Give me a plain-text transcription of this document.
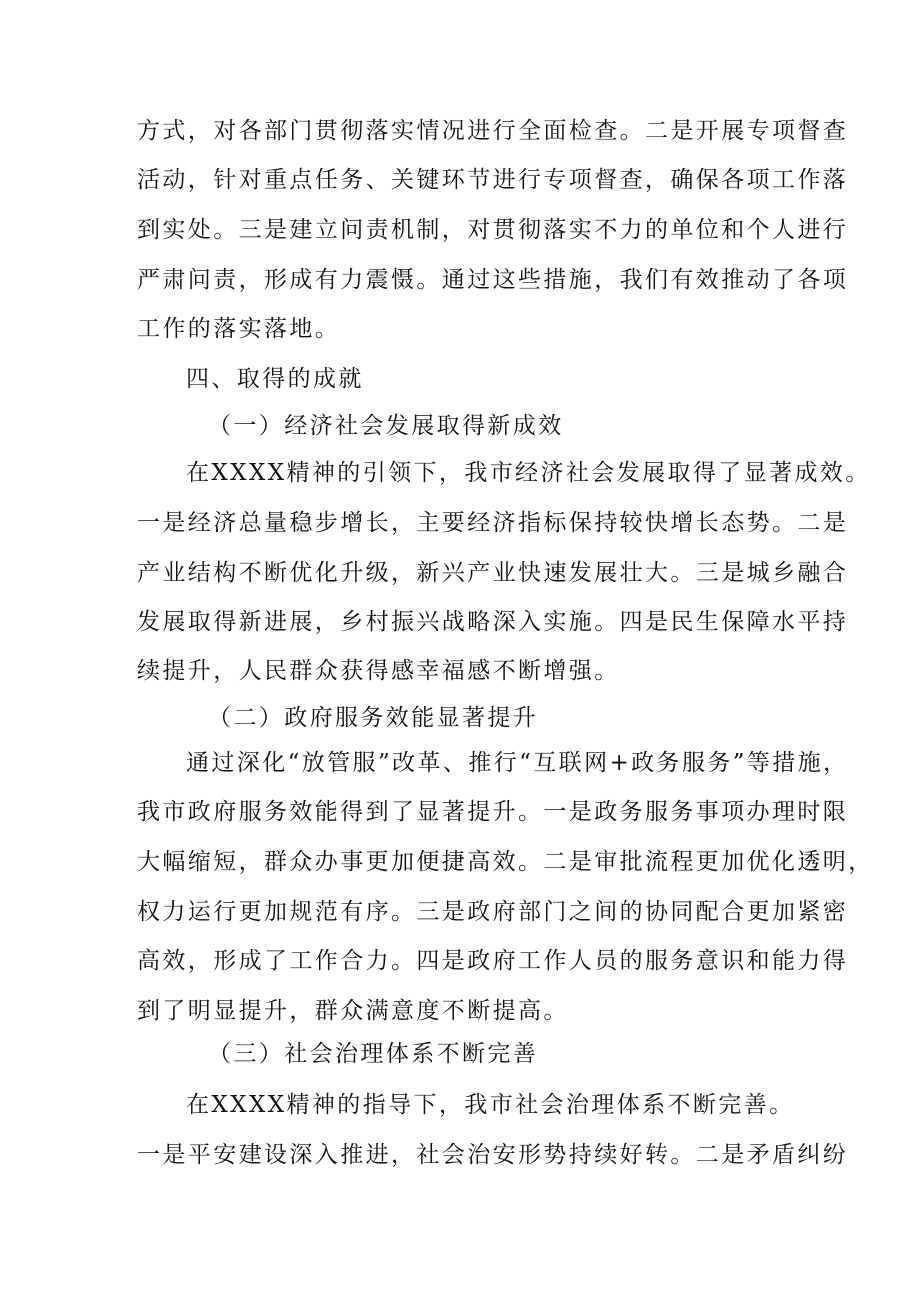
方式，对各部门贯彻落实情况进行全面检查。二是开展专项督查
活动，针对重点任务、关键环节进行专项督查，确保各项工作落
到实处。三是建立问责机制，对贯彻落实不力的单位和个人进行
严肃问责，形成有力震慑。通过这些措施，我们有效推动了各项
工作的落实落地。
四、取得的成就
（一）经济社会发展取得新成效
在XXXX精神的引领下，我市经济社会发展取得了显著成效。
一是经济总量稳步增长，主要经济指标保持较快增长态势。二是
产业结构不断优化升级，新兴产业快速发展壮大。三是城乡融合
发展取得新进展，乡村振兴战略深入实施。四是民生保障水平持
续提升，人民群众获得感幸福感不断增强。
（二）政府服务效能显著提升
通过深化“放管服”改革、推行“互联网+政务服务”等措施，
我市政府服务效能得到了显著提升。一是政务服务事项办理时限
大幅缩短，群众办事更加便捷高效。二是审批流程更加优化透明，
权力运行更加规范有序。三是政府部门之间的协同配合更加紧密
高效，形成了工作合力。四是政府工作人员的服务意识和能力得
到了明显提升，群众满意度不断提高。
（三）社会治理体系不断完善
在XXXX精神的指导下，我市社会治理体系不断完善。
一是平安建设深入推进，社会治安形势持续好转。二是矛盾纠纷
